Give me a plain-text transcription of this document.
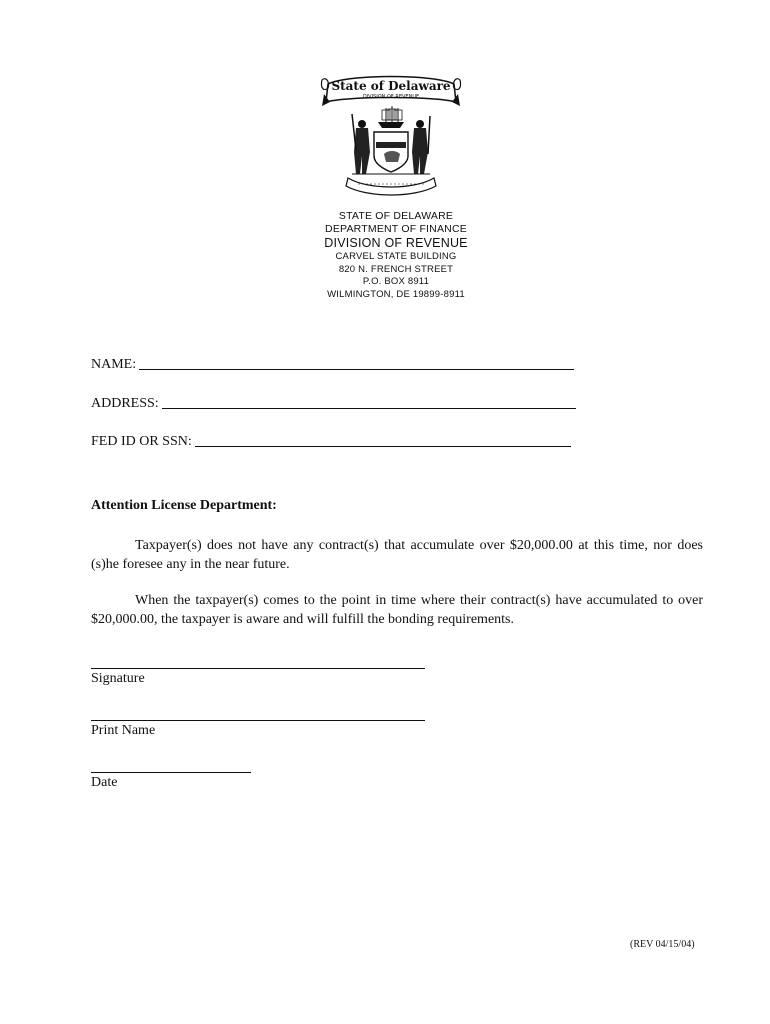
State of Delaware
DIVISION OF REVENUE
STATE OF DELAWARE
DEPARTMENT OF FINANCE
DIVISION OF REVENUE
CARVEL STATE BUILDING
820 N. FRENCH STREET
P.O. BOX 8911
WILMINGTON, DE 19899-8911
NAME:
ADDRESS:
FED ID OR SSN:
Attention License Department:
Taxpayer(s) does not have any contract(s) that accumulate over $20,000.00 at this time, nor does (s)he foresee any in the near future.
When the taxpayer(s) comes to the point in time where their contract(s) have accumulated to over $20,000.00, the taxpayer is aware and will fulfill the bonding requirements.
Signature
Print Name
Date
(REV 04/15/04)
